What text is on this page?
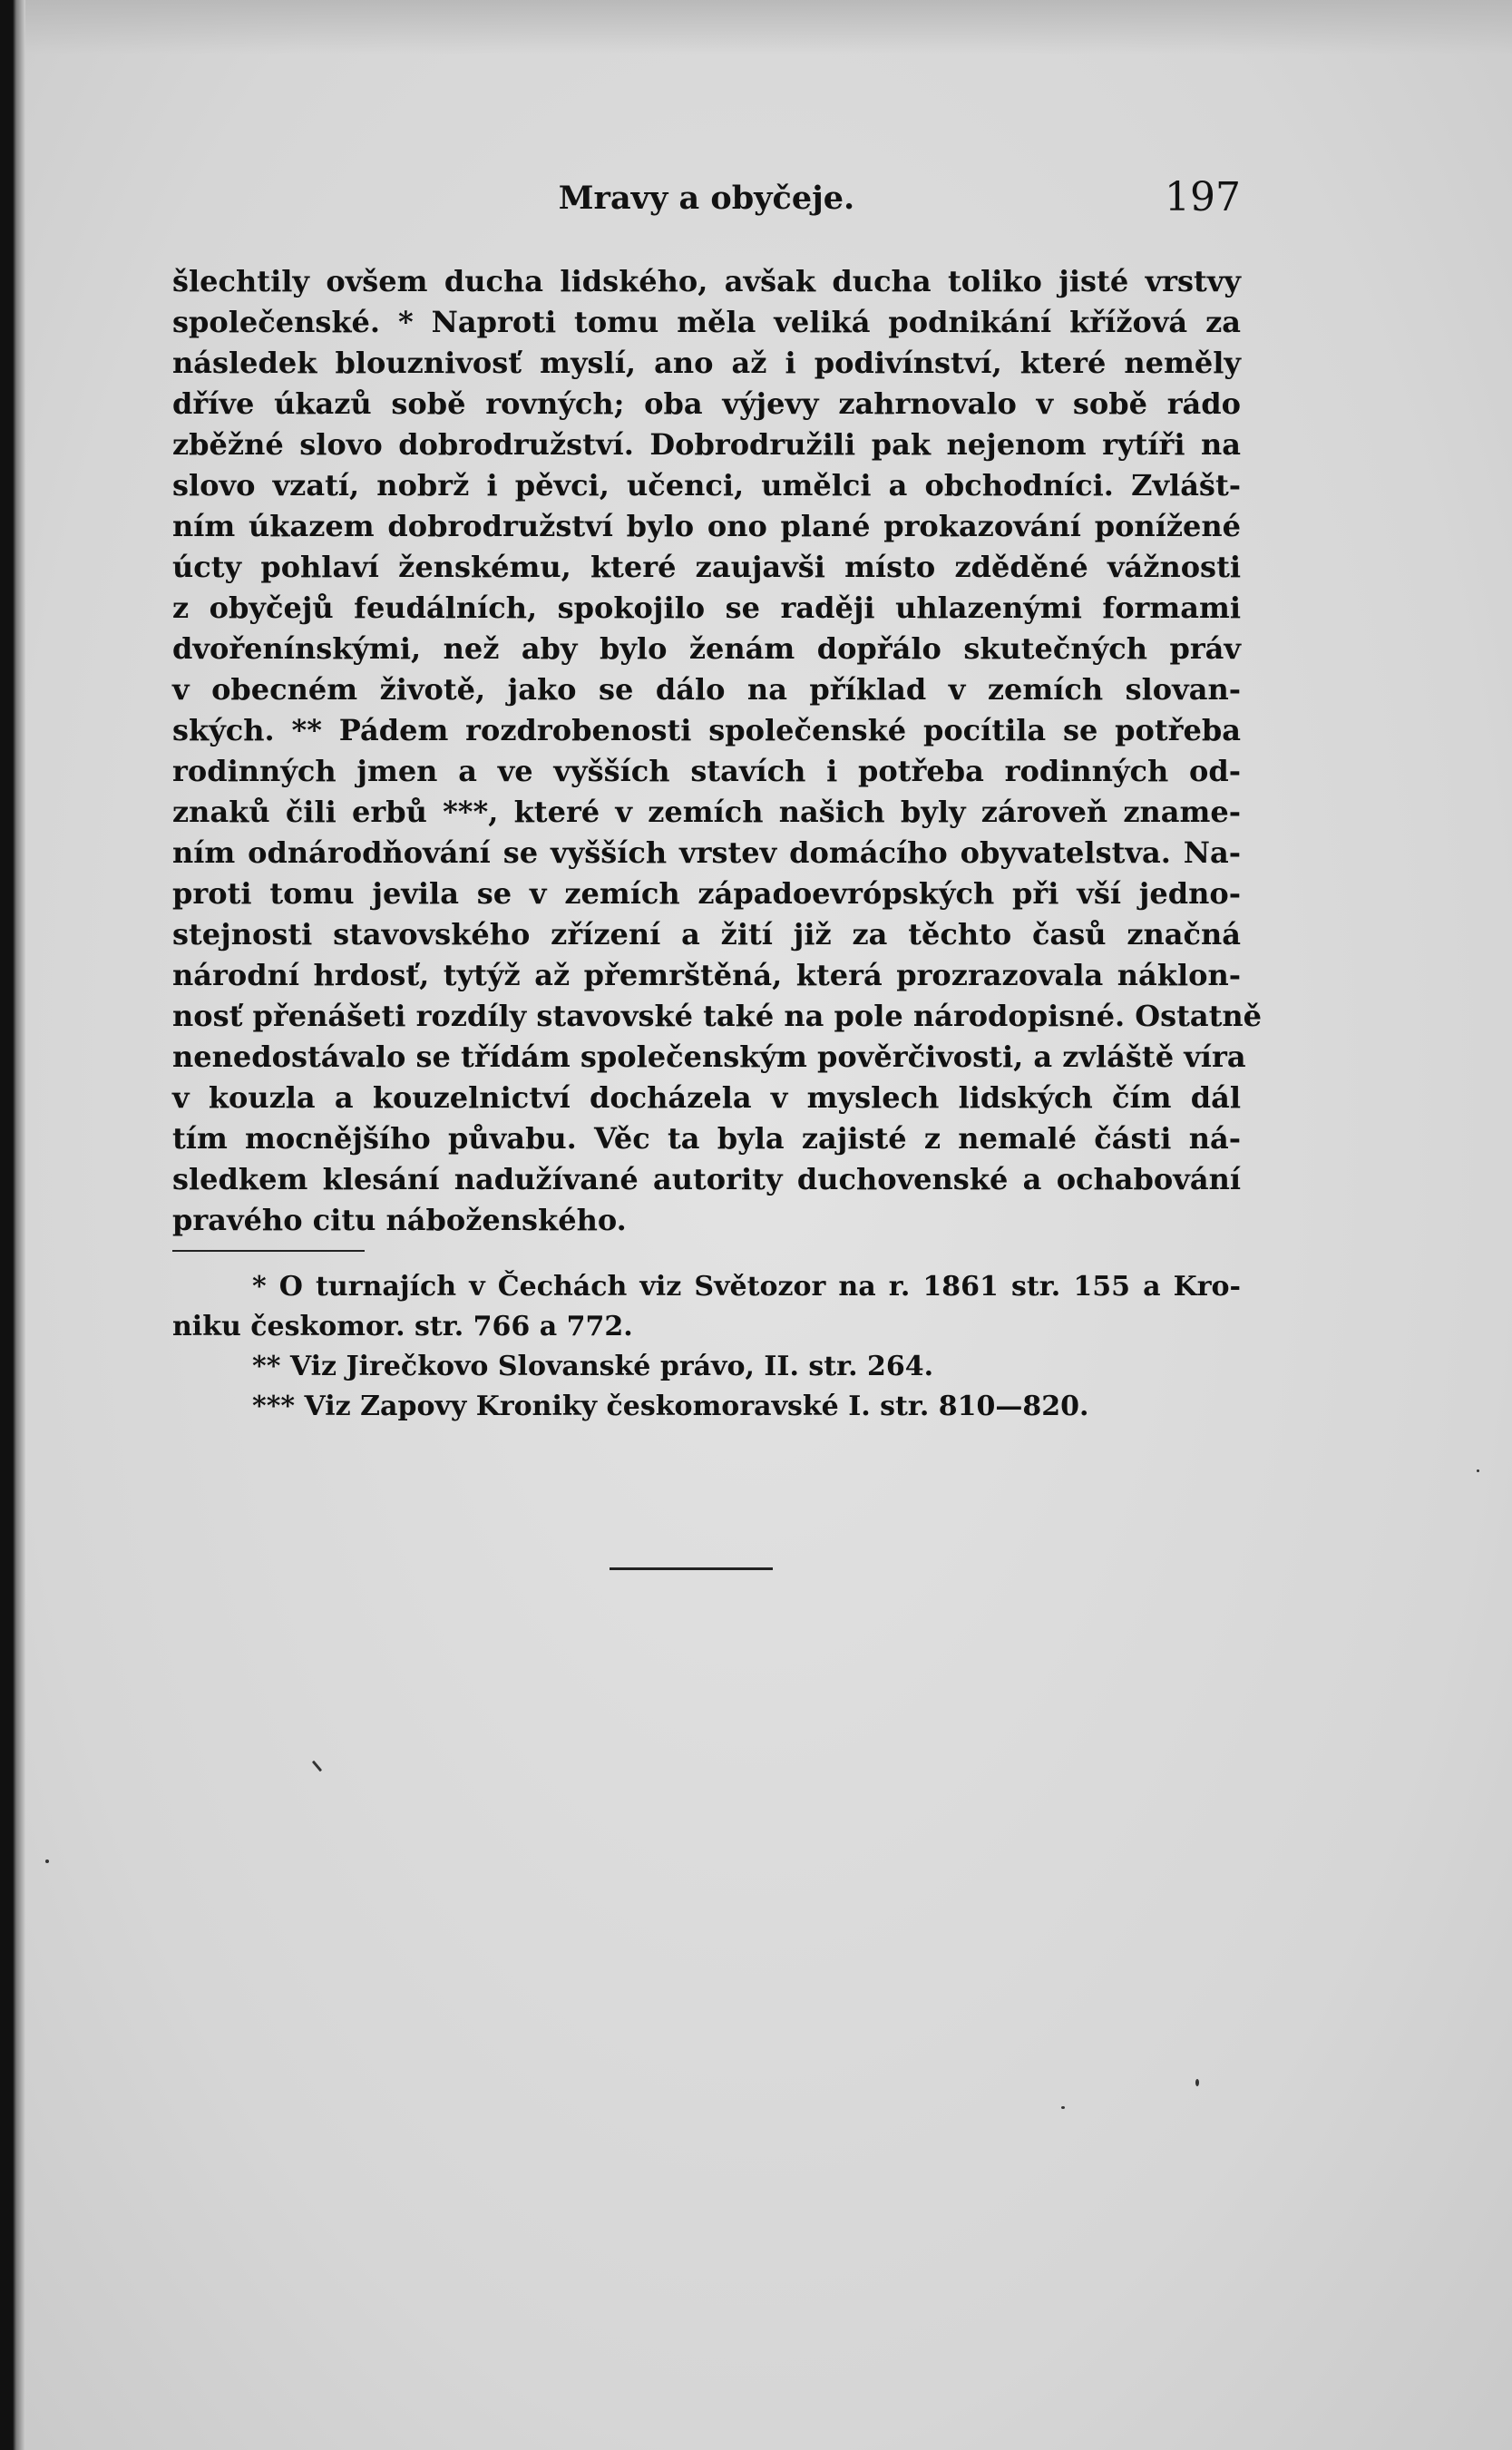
Mravy a obyčeje.	197
šlechtily ovšem ducha lidského, avšak ducha toliko jisté vrstvy
společenské. * Naproti tomu měla veliká podnikání křížová za
následek blouznivosť myslí, ano až i podivínství, které neměly
dříve úkazů sobě rovných; oba výjevy zahrnovalo v sobě rádo
zběžné slovo dobrodružství. Dobrodružili pak nejenom rytíři na
slovo vzatí, nobrž i pěvci, učenci, umělci a obchodníci. Zvlášt-
ním úkazem dobrodružství bylo ono plané prokazování ponížené
úcty pohlaví ženskému, které zaujavši místo zděděné vážnosti
z obyčejů feudálních, spokojilo se raději uhlazenými formami
dvořenínskými, než aby bylo ženám dopřálo skutečných práv
v obecném životě, jako se dálo na příklad v zemích slovan-
ských. ** Pádem rozdrobenosti společenské pocítila se potřeba
rodinných jmen a ve vyšších stavích i potřeba rodinných od-
znaků čili erbů ***, které v zemích našich byly zároveň znamе-
ním odnárodňování se vyšších vrstev domácího obyvatelstva. Na-
proti tomu jevila se v zemích západoevrópských při vší jedno-
stejnosti stavovského zřízení a žití již za těchto časů značná
národní hrdosť, tytýž až přemrštěná, která prozrazovala náklon-
nosť přenášeti rozdíly stavovské také na pole národopisné. Ostatně
nenedostávalo se třídám společenským pověrčivosti, a zvláště víra
v kouzla a kouzelnictví docházela v myslech lidských čím dál
tím mocnějšího půvabu. Věc ta byla zajisté z nemalé části ná-
sledkem klesání nadužívané autority duchovenské a ochabování
pravého citu náboženského.
* O turnajích v Čechách viz Světozor na r. 1861 str. 155 a Kro-
niku českomor. str. 766 a 772.
** Viz Jirečkovo Slovanské právo, II. str. 264.
*** Viz Zapovy Kroniky českomoravské I. str. 810—820.
